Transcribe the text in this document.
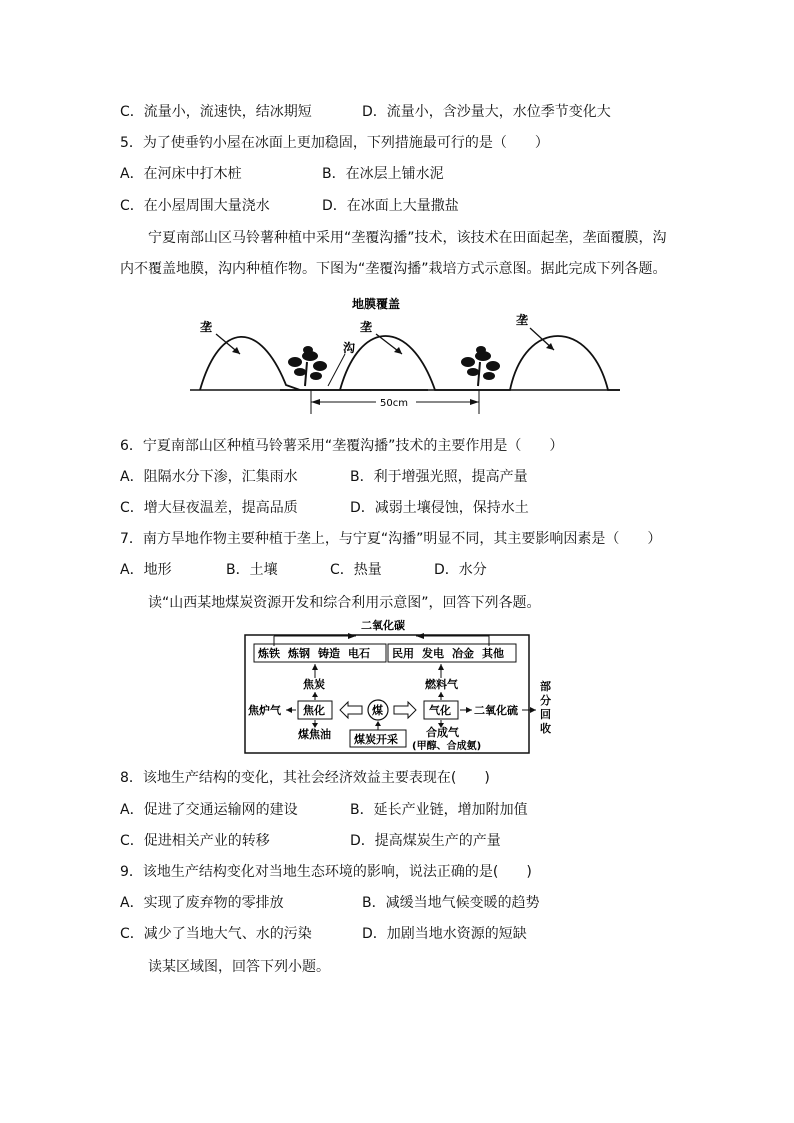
C．流量小，流速快，结冰期短	D．流量小，含沙量大，水位季节变化大
5．为了使垂钓小屋在冰面上更加稳固，下列措施最可行的是（　　）
A．在河床中打木桩	B．在冰层上铺水泥
C．在小屋周围大量浇水	D．在冰面上大量撒盐
宁夏南部山区马铃薯种植中采用“垄覆沟播”技术，该技术在田面起垄，垄面覆膜，沟
内不覆盖地膜，沟内种植作物。下图为“垄覆沟播”栽培方式示意图。据此完成下列各题。
地膜覆盖
垄	垄	垄
沟
50cm
6．宁夏南部山区种植马铃薯采用“垄覆沟播”技术的主要作用是（　　）
A．阻隔水分下渗，汇集雨水	B．利于增强光照，提高产量
C．增大昼夜温差，提高品质	D．减弱土壤侵蚀，保持水土
7．南方旱地作物主要种植于垄上，与宁夏“沟播”明显不同，其主要影响因素是（　　）
A．地形	B．土壤	C．热量	D．水分
读“山西某地煤炭资源开发和综合利用示意图”，回答下列各题。
二氧化碳
炼铁 炼钢 铸造 电石 民用 发电 冶金 其他
焦炭	燃料气
焦炉气 焦化	煤	气化 二氧化硫
部
分
回
收
煤焦油 煤炭开采
合成气
(甲醇、合成氨)
8．该地生产结构的变化，其社会经济效益主要表现在(　　)
A．促进了交通运输网的建设	B．延长产业链，增加附加值
C．促进相关产业的转移	D．提高煤炭生产的产量
9．该地生产结构变化对当地生态环境的影响，说法正确的是(　　)
A．实现了废弃物的零排放	B．减缓当地气候变暖的趋势
C．减少了当地大气、水的污染	D．加剧当地水资源的短缺
读某区域图，回答下列小题。
